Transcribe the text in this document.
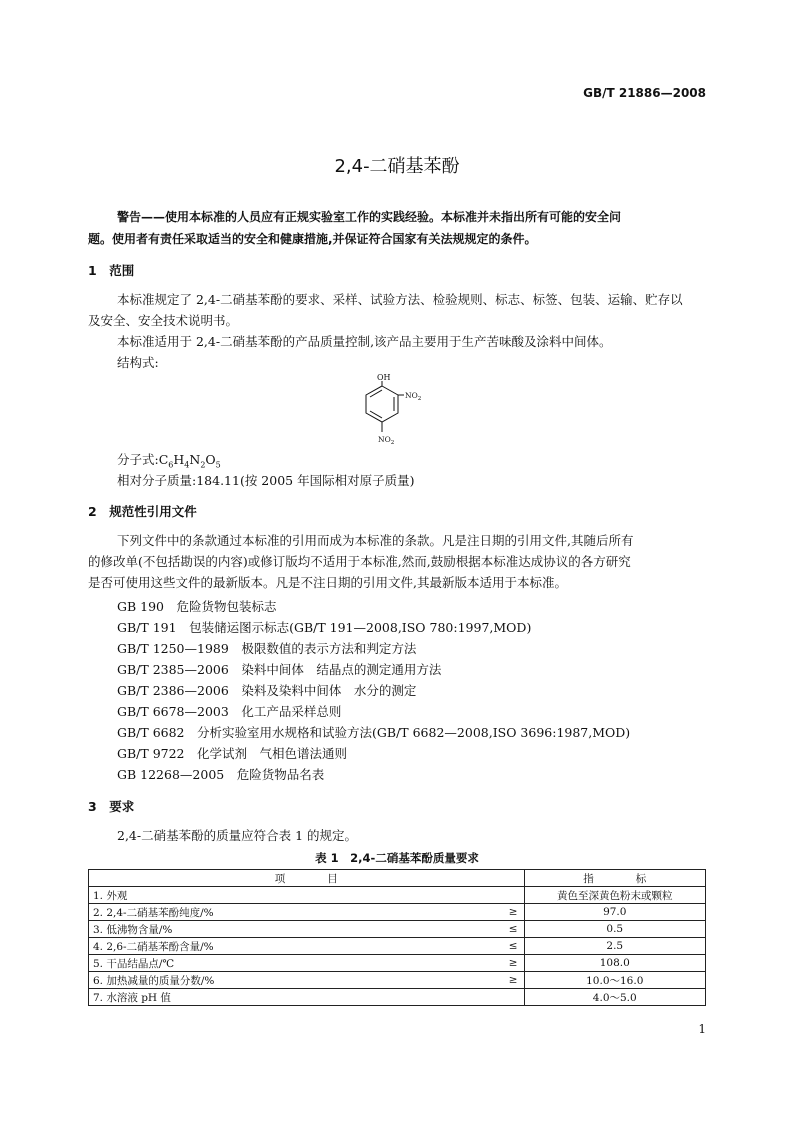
GB/T 21886—2008
2,4-二硝基苯酚
警告——使用本标准的人员应有正规实验室工作的实践经验。本标准并未指出所有可能的安全问
题。使用者有责任采取适当的安全和健康措施,并保证符合国家有关法规规定的条件。
1　范围
本标准规定了 2,4-二硝基苯酚的要求、采样、试验方法、检验规则、标志、标签、包装、运输、贮存以
及安全、安全技术说明书。
本标准适用于 2,4-二硝基苯酚的产品质量控制,该产品主要用于生产苦味酸及涂料中间体。
结构式:
OH
$NO_2$
$NO_2$
分子式$:C_6H_4N_2O_5$
相对分子质量:184.11(按 2005 年国际相对原子质量)
2　规范性引用文件
下列文件中的条款通过本标准的引用而成为本标准的条款。凡是注日期的引用文件,其随后所有
的修改单(不包括勘误的内容)或修订版均不适用于本标准,然而,鼓励根据本标准达成协议的各方研究
是否可使用这些文件的最新版本。凡是不注日期的引用文件,其最新版本适用于本标准。
GB 190　 危险货物包装标志
GB/T 191　 包装储运图示标志(GB/T 191—2008,ISO 780:1997,MOD)
GB/T 1250—1989　 极限数值的表示方法和判定方法
GB/T 2385—2006　 染料中间体　结晶点的测定通用方法
GB/T 2386—2006　 染料及染料中间体　水分的测定
GB/T 6678—2003　 化工产品采样总则
GB/T 6682　 分析实验室用水规格和试验方法(GB/T 6682—2008,ISO 3696:1987,MOD)
GB/T 9722　 化学试剂　气相色谱法通则
GB 12268—2005　 危险货物品名表
3　要求
2,4-二硝基苯酚的质量应符合表 1 的规定。
表 1　2,4-二硝基苯酚质量要求
项　　　　目		指　　　　标
1. 外观		黄色至深黄色粉末或颗粒
2. 2,4-二硝基苯酚纯度/%	≥	97.0
3. 低沸物含量/%	≤	0.5
4. 2,6-二硝基苯酚含量/%	≤	2.5
5. 干品结晶点/℃	≥	108.0
6. 加热减量的质量分数/%	≥	10.0～16.0
7. 水溶液 pH 值		4.0～5.0
1
